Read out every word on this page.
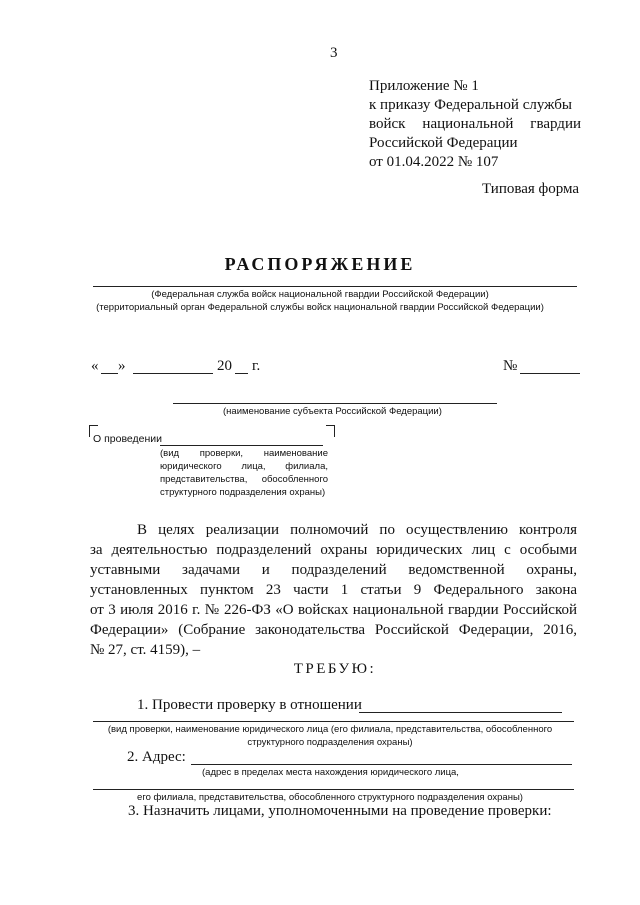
3
Приложение № 1
к приказу Федеральной службы
войск национальной гвардии
Российской Федерации
от 01.04.2022 № 107
Типовая форма
РАСПОРЯЖЕНИЕ
(Федеральная служба войск национальной гвардии Российской Федерации)
(территориальный орган Федеральной службы войск национальной гвардии Российской Федерации)
« »	20 г.	№
(наименование субъекта Российской Федерации)
О проведении
(вид проверки, наименование
юридического лица, филиала,
представительства, обособленного
структурного подразделения охраны)
В целях реализации полномочий по осуществлению контроля
за деятельностью подразделений охраны юридических лиц с особыми
уставными задачами и подразделений ведомственной охраны,
установленных пунктом 23 части 1 статьи 9 Федерального закона
от 3 июля 2016 г. № 226-ФЗ «О войсках национальной гвардии Российской
Федерации» (Собрание законодательства Российской Федерации, 2016,
№ 27, ст. 4159), –
ТРЕБУЮ:
1. Провести проверку в отношении
(вид проверки, наименование юридического лица (его филиала, представительства, обособленного
структурного подразделения охраны)
2. Адрес:
(адрес в пределах места нахождения юридического лица,
его филиала, представительства, обособленного структурного подразделения охраны)
3. Назначить лицами, уполномоченными на проведение проверки:
